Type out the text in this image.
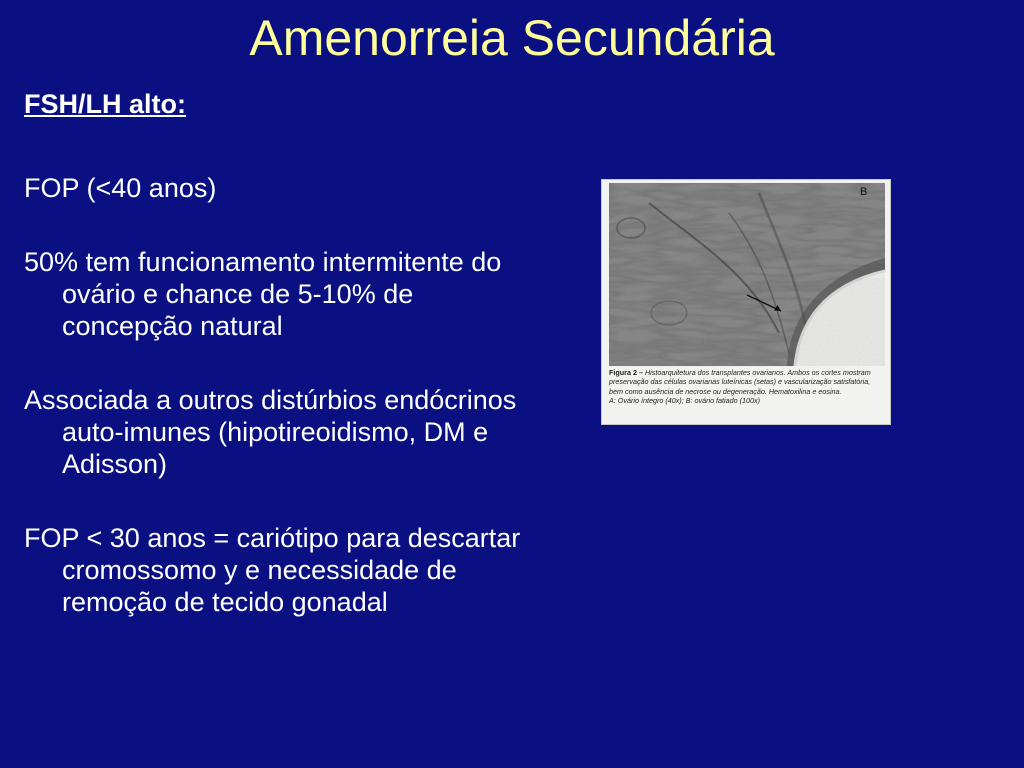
Amenorreia Secundária

FSH/LH alto:

FOP (<40 anos)
50% tem funcionamento intermitente do ovário e chance de 5-10% de concepção natural
Associada a outros distúrbios endócrinos auto-imunes (hipotireoidismo, DM e Adisson)
FOP < 30 anos = cariótipo para descartar cromossomo y e necessidade de remoção de tecido gonadal
B

Figura 2 – Histoarquitetura dos transplantes ovarianos. Ambos os cortes mostram preservação das células ovarianas luteínicas (setas) e vascularização satisfatória, bem como ausência de necrose ou degeneração. Hematoxilina e eosina.
A: Ovário íntegro (40x); B: ovário fatiado (100x)
